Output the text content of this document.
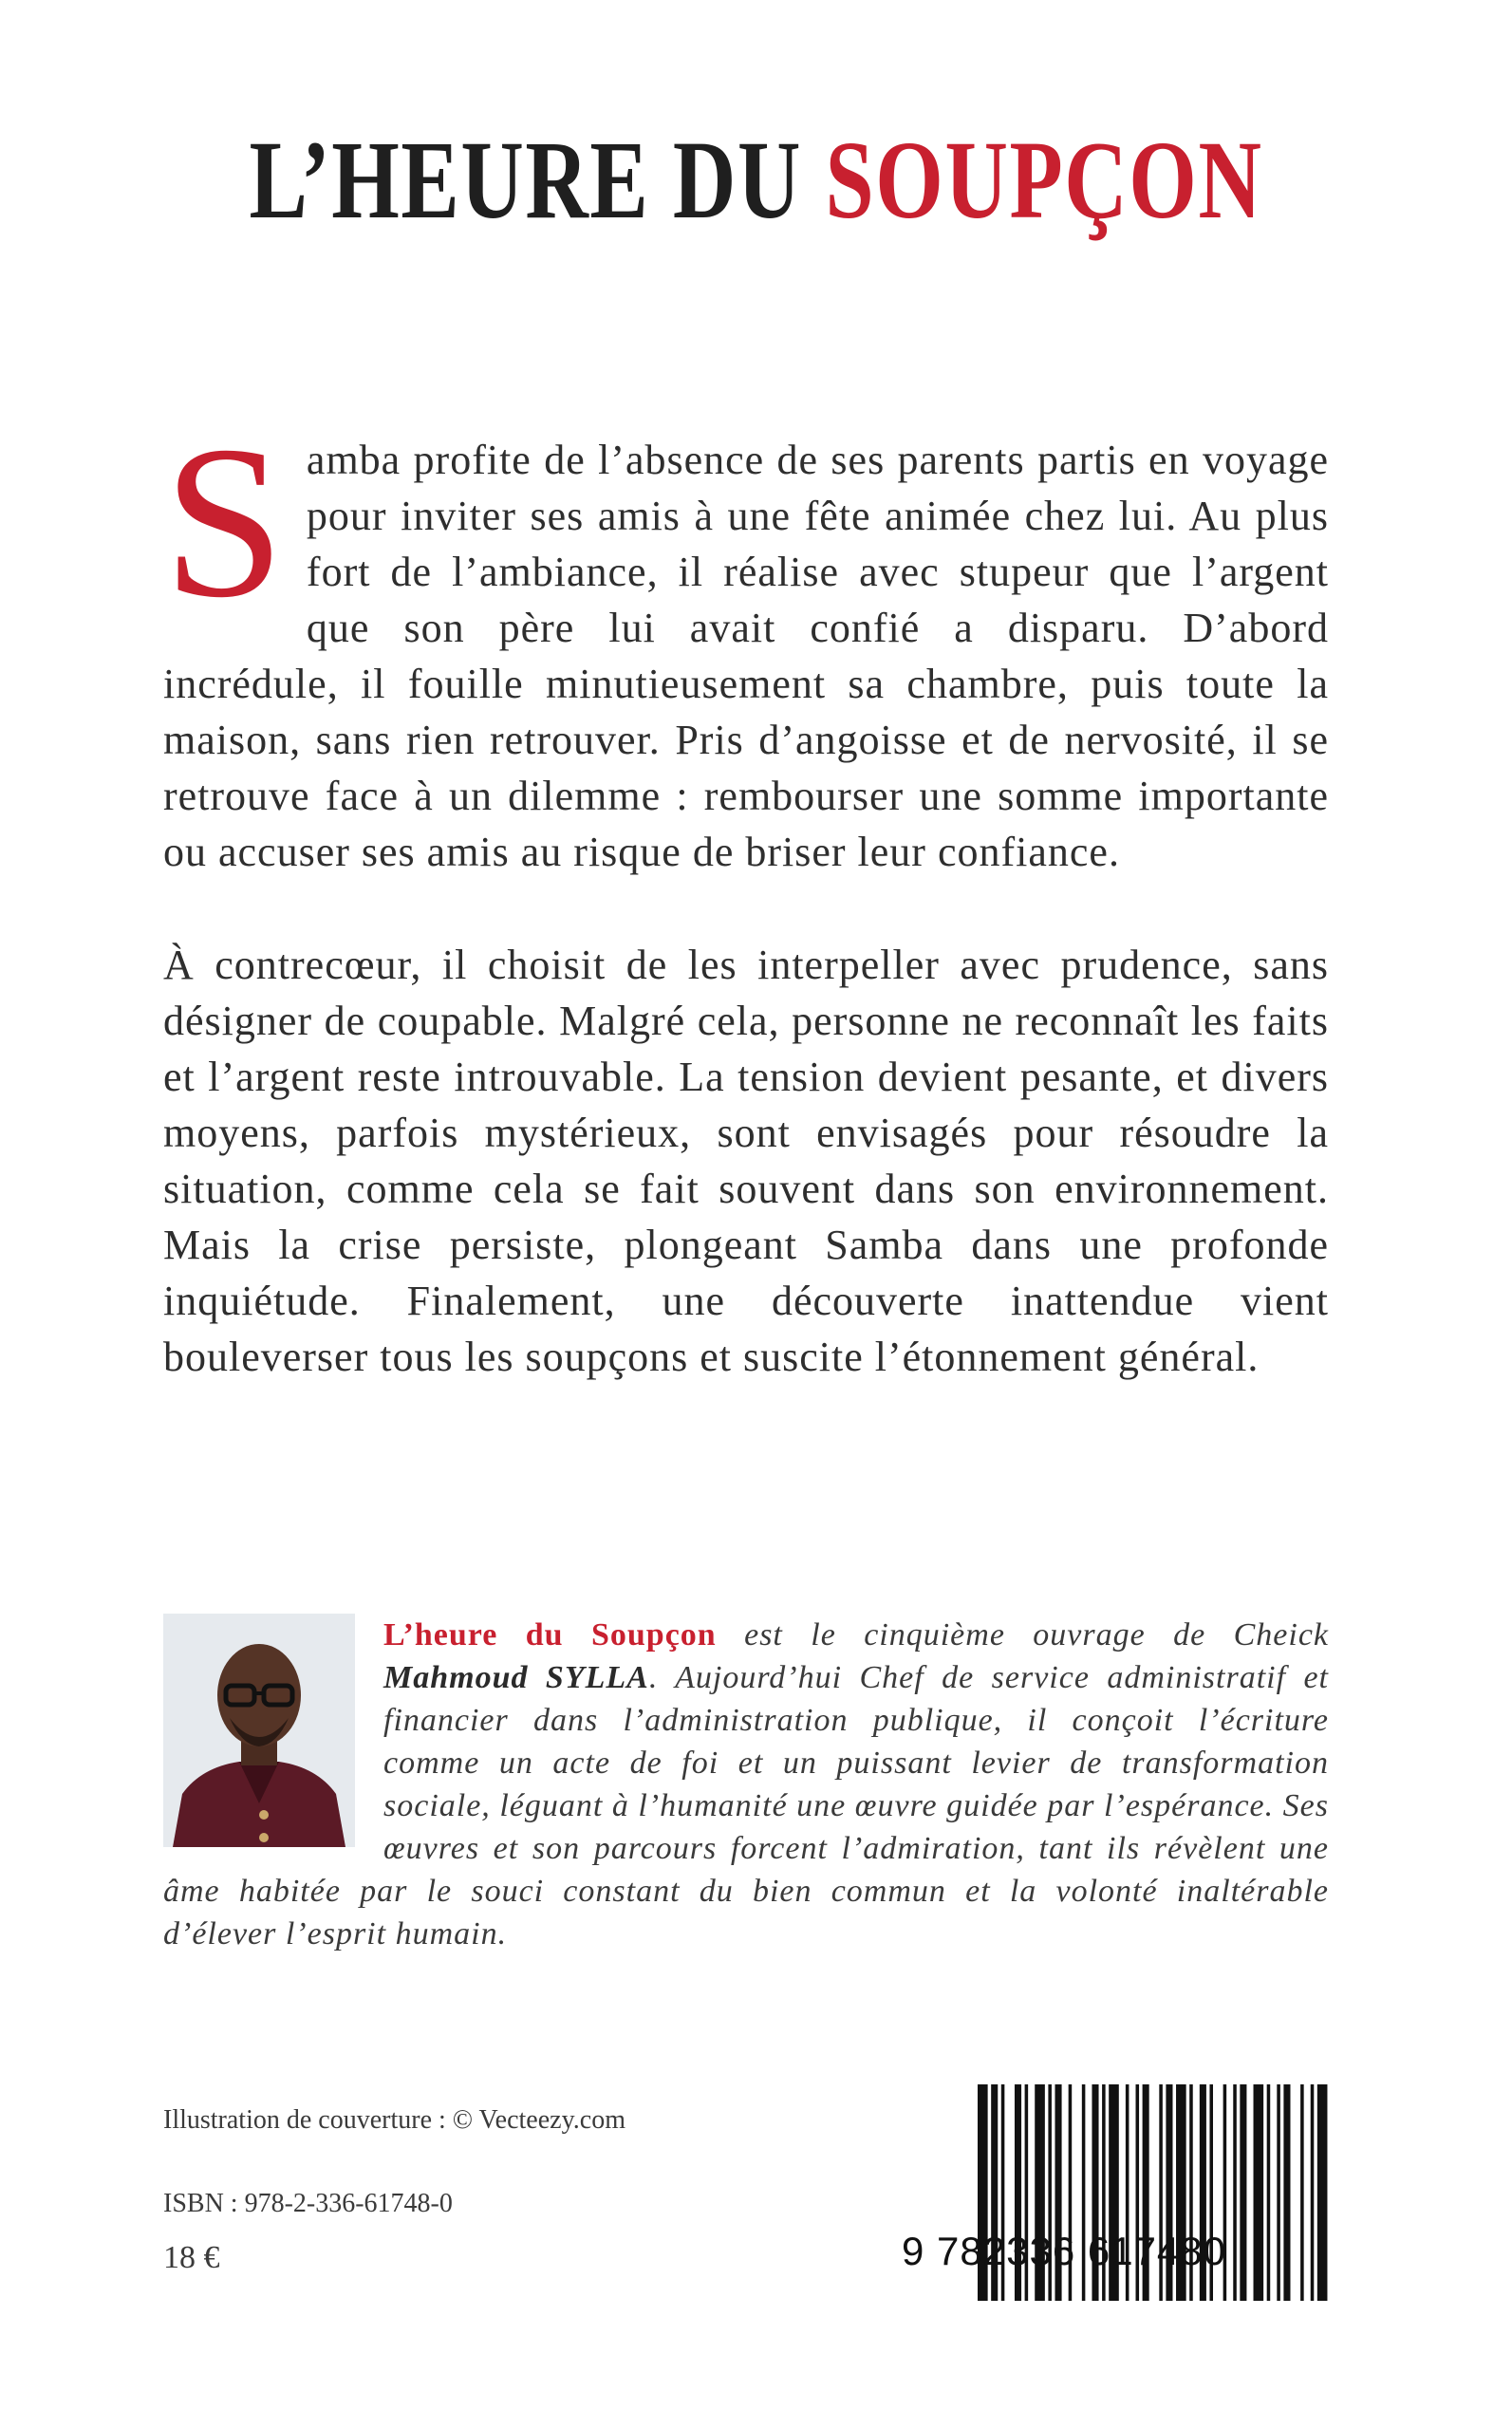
L’HEURE DU SOUPÇON

Samba profite de l’absence de ses parents partis en voyage pour inviter ses amis à une fête animée chez lui. Au plus fort de l’ambiance, il réalise avec stupeur que l’argent que son père lui avait confié a disparu. D’abord incrédule, il fouille minutieusement sa chambre, puis toute la maison, sans rien retrouver. Pris d’angoisse et de nervosité, il se retrouve face à un dilemme : rembourser une somme importante ou accuser ses amis au risque de briser leur confiance.

À contrecœur, il choisit de les interpeller avec prudence, sans désigner de coupable. Malgré cela, personne ne reconnaît les faits et l’argent reste introuvable. La tension devient pesante, et divers moyens, parfois mystérieux, sont envisagés pour résoudre la situation, comme cela se fait souvent dans son environnement. Mais la crise persiste, plongeant Samba dans une profonde inquiétude. Finalement, une découverte inattendue vient bouleverser tous les soupçons et suscite l’étonnement général.

L’heure du Soupçon est le cinquième ouvrage de Cheick Mahmoud SYLLA. Aujourd’hui Chef de service administratif et financier dans l’administration publique, il conçoit l’écriture comme un acte de foi et un puissant levier de transformation sociale, léguant à l’humanité une œuvre guidée par l’espérance. Ses œuvres et son parcours forcent l’admiration, tant ils révèlent une âme habitée par le souci constant du bien commun et la volonté inaltérable d’élever l’esprit humain.
Illustration de couverture : © Vecteezy.com
ISBN : 978-2-336-61748-0
18 €	9 782336 617480
